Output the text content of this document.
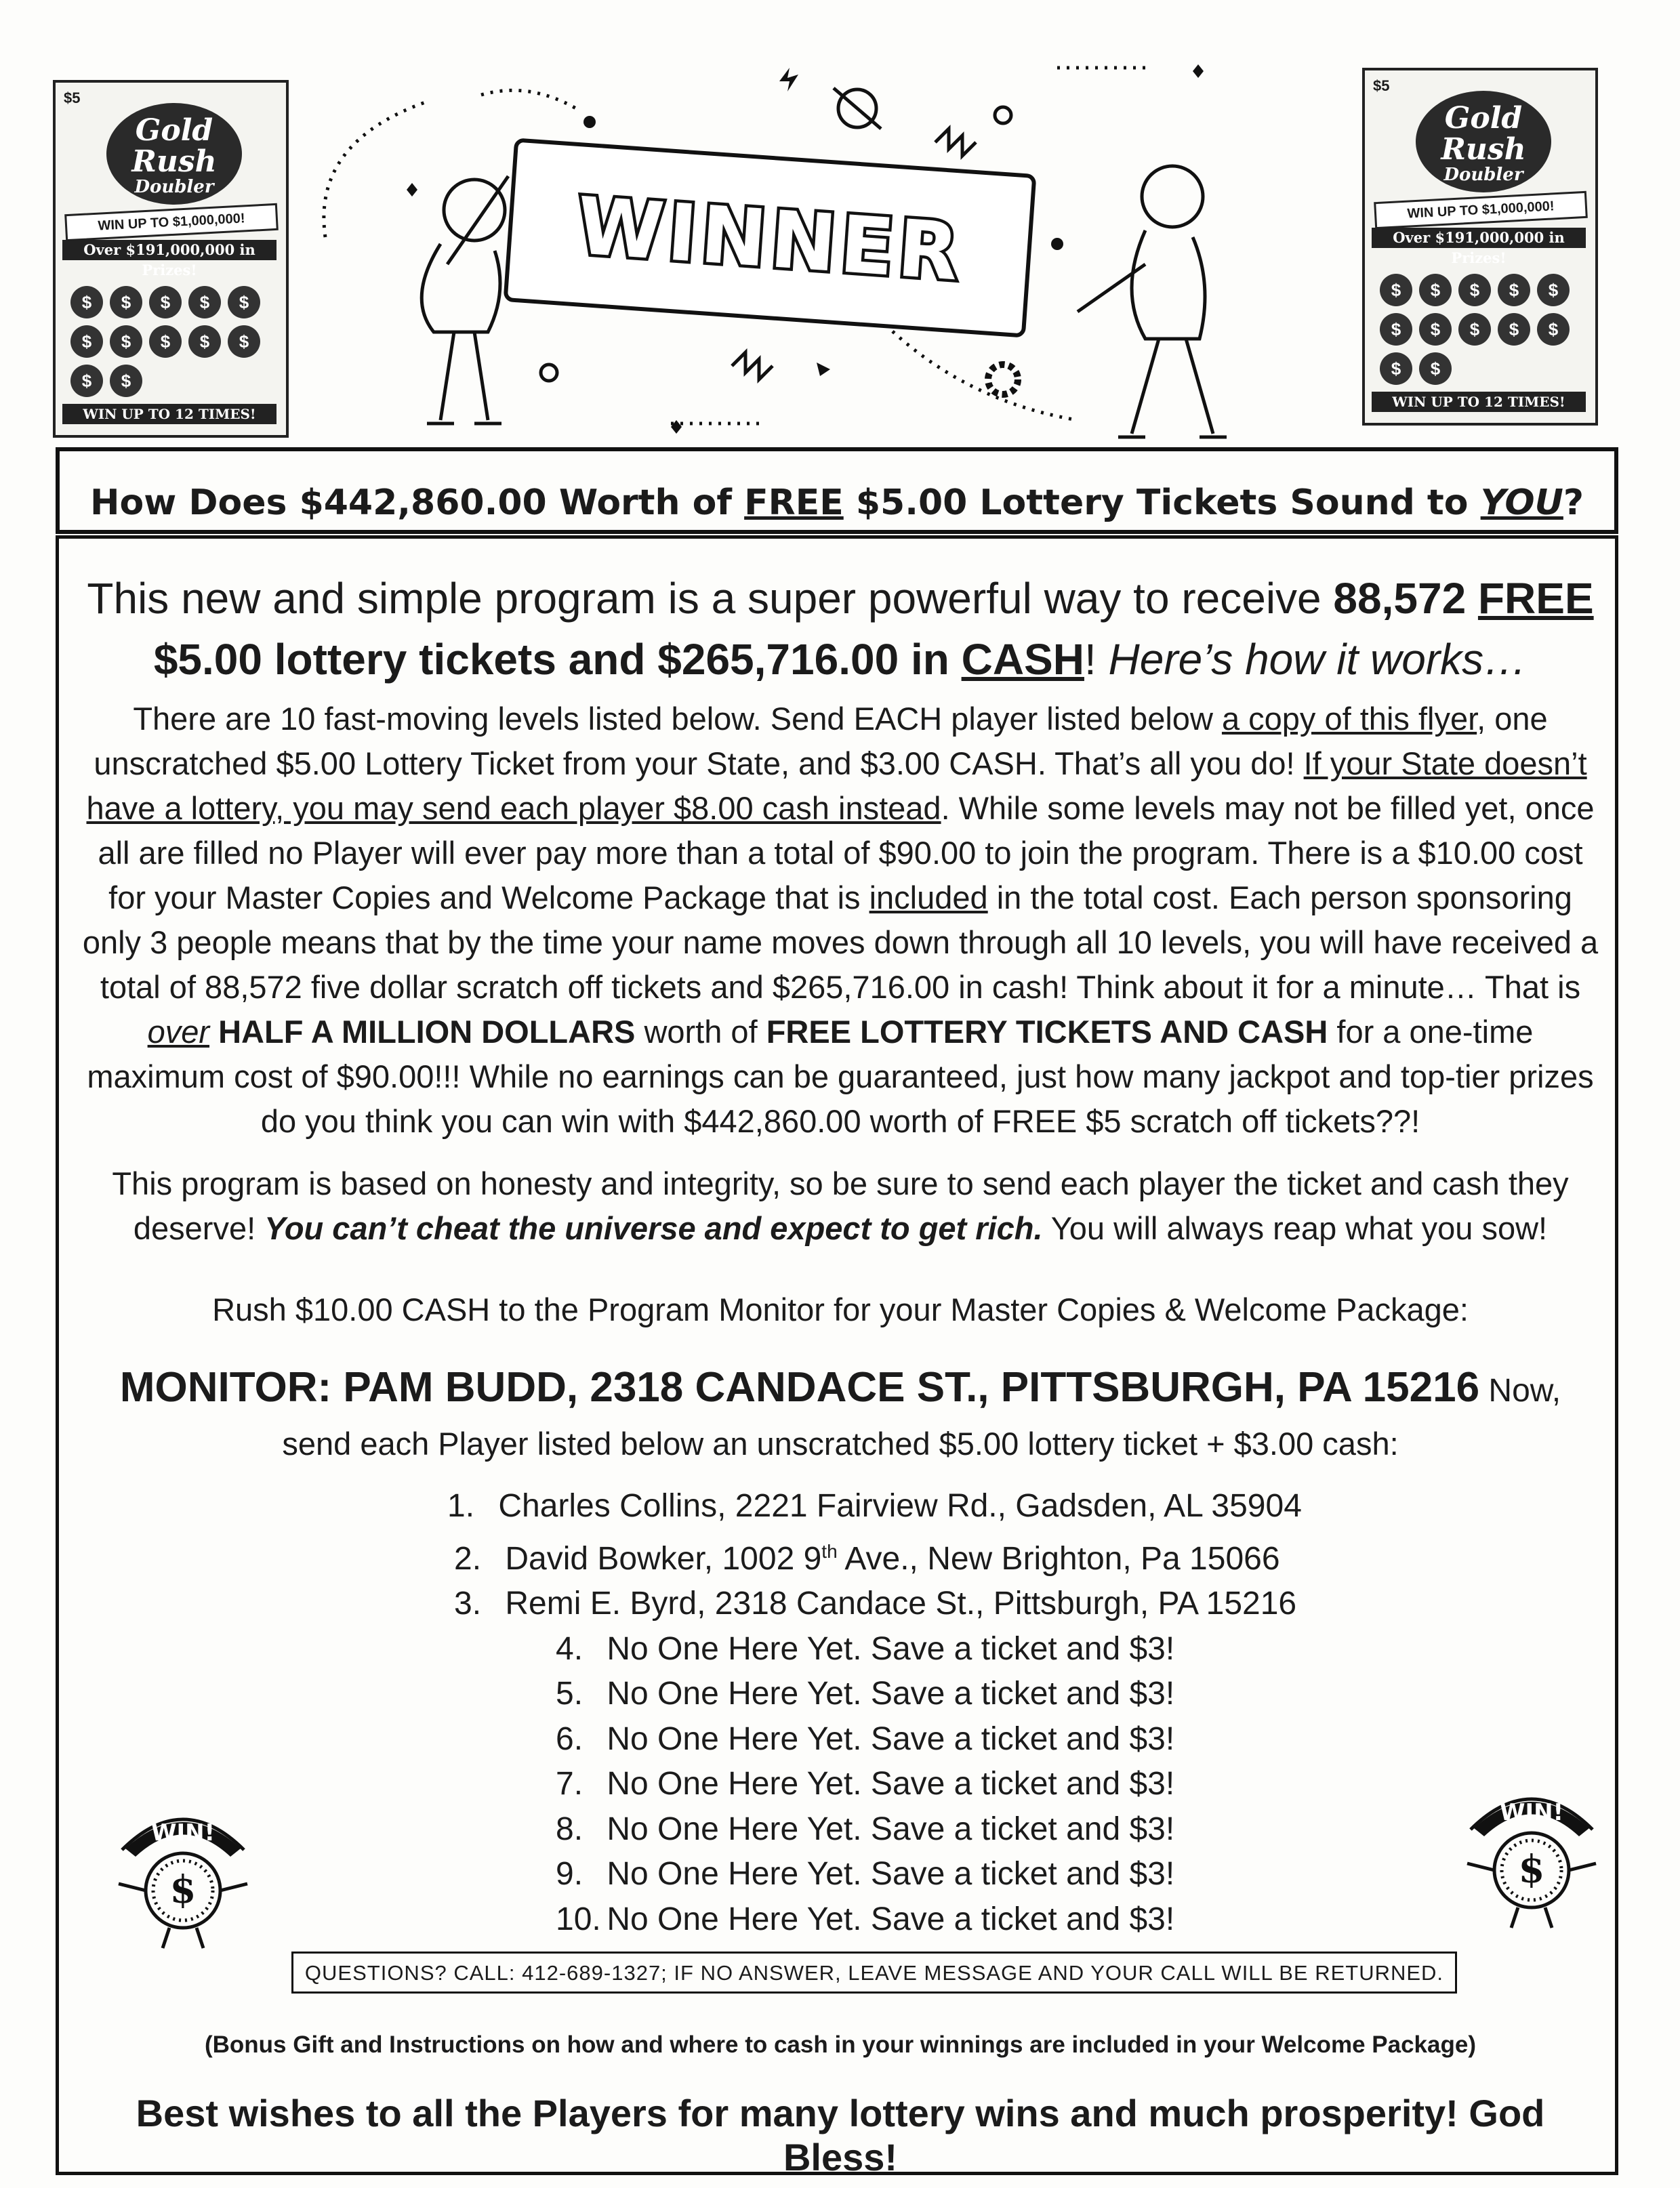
$5
Gold
Rush
Doubler
WIN UP TO $1,000,000!
Over $191,000,000 in Prizes!
$	$	$	$	$
$	$	$	$	$
$	$
WIN UP TO 12 TIMES!
$5
Gold
Rush
Doubler
WIN UP TO $1,000,000!
Over $191,000,000 in Prizes!
$	$	$	$	$
$	$	$	$	$
$	$
WIN UP TO 12 TIMES!
WINNER
How Does $442,860.00 Worth of FREE $5.00 Lottery Tickets Sound to YOU?
This new and simple program is a super powerful way to receive 88,572 FREE
$5.00 lottery tickets and $265,716.00 in CASH! Here’s how it works…
There are 10 fast-moving levels listed below. Send EACH player listed below a copy of this flyer, one unscratched $5.00 Lottery Ticket from your State, and $3.00 CASH. That’s all you do! If your State doesn’t have a lottery, you may send each player $8.00 cash instead. While some levels may not be filled yet, once all are filled no Player will ever pay more than a total of $90.00 to join the program. There is a $10.00 cost for your Master Copies and Welcome Package that is included in the total cost. Each person sponsoring only 3 people means that by the time your name moves down through all 10 levels, you will have received a total of 88,572 five dollar scratch off tickets and $265,716.00 in cash! Think about it for a minute… That is over HALF A MILLION DOLLARS worth of FREE LOTTERY TICKETS AND CASH for a one-time maximum cost of $90.00!!! While no earnings can be guaranteed, just how many jackpot and top-tier prizes do you think you can win with $442,860.00 worth of FREE $5 scratch off tickets??!
This program is based on honesty and integrity, so be sure to send each player the ticket and cash they deserve! You can’t cheat the universe and expect to get rich. You will always reap what you sow!
Rush $10.00 CASH to the Program Monitor for your Master Copies & Welcome Package:
MONITOR: PAM BUDD, 2318 CANDACE ST., PITTSBURGH, PA 15216 Now,
send each Player listed below an unscratched $5.00 lottery ticket + $3.00 cash:
1. Charles Collins, 2221 Fairview Rd., Gadsden, AL 35904
2. David Bowker, 1002 9th Ave., New Brighton, Pa 15066
3. Remi E. Byrd, 2318 Candace St., Pittsburgh, PA 15216
4. No One Here Yet. Save a ticket and $3!
5. No One Here Yet. Save a ticket and $3!
6. No One Here Yet. Save a ticket and $3!
7. No One Here Yet. Save a ticket and $3!
8. No One Here Yet. Save a ticket and $3!
9. No One Here Yet. Save a ticket and $3!
10. No One Here Yet. Save a ticket and $3!
WIN!
$
WIN!
$
QUESTIONS? CALL: 412-689-1327; IF NO ANSWER, LEAVE MESSAGE AND YOUR CALL WILL BE RETURNED.
(Bonus Gift and Instructions on how and where to cash in your winnings are included in your Welcome Package)
Best wishes to all the Players for many lottery wins and much prosperity! God Bless!
